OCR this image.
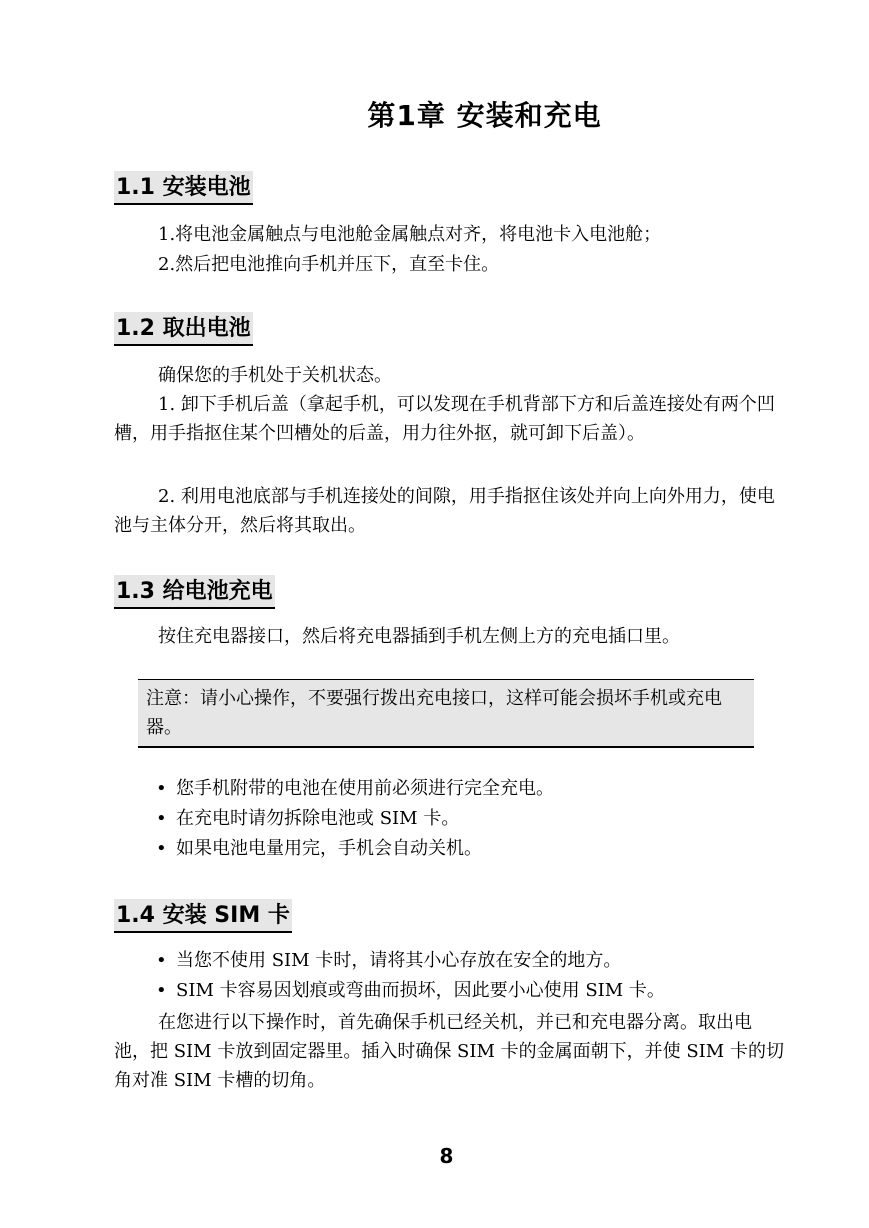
第1章 安装和充电
1.1 安装电池
1.将电池金属触点与电池舱金属触点对齐，将电池卡入电池舱；
2.然后把电池推向手机并压下，直至卡住。
1.2 取出电池
确保您的手机处于关机状态。
1. 卸下手机后盖（拿起手机，可以发现在手机背部下方和后盖连接处有两个凹槽，用手指抠住某个凹槽处的后盖，用力往外抠，就可卸下后盖）。
2. 利用电池底部与手机连接处的间隙，用手指抠住该处并向上向外用力，使电池与主体分开，然后将其取出。
1.3 给电池充电
按住充电器接口，然后将充电器插到手机左侧上方的充电插口里。
注意：请小心操作，不要强行拨出充电接口，这样可能会损坏手机或充电器。
• 您手机附带的电池在使用前必须进行完全充电。
• 在充电时请勿拆除电池或 SIM 卡。
• 如果电池电量用完，手机会自动关机。
1.4 安装 SIM 卡
• 当您不使用 SIM 卡时，请将其小心存放在安全的地方。
• SIM 卡容易因划痕或弯曲而损坏，因此要小心使用 SIM 卡。
在您进行以下操作时，首先确保手机已经关机，并已和充电器分离。取出电池，把 SIM 卡放到固定器里。插入时确保 SIM 卡的金属面朝下，并使 SIM 卡的切角对准 SIM 卡槽的切角。
8
